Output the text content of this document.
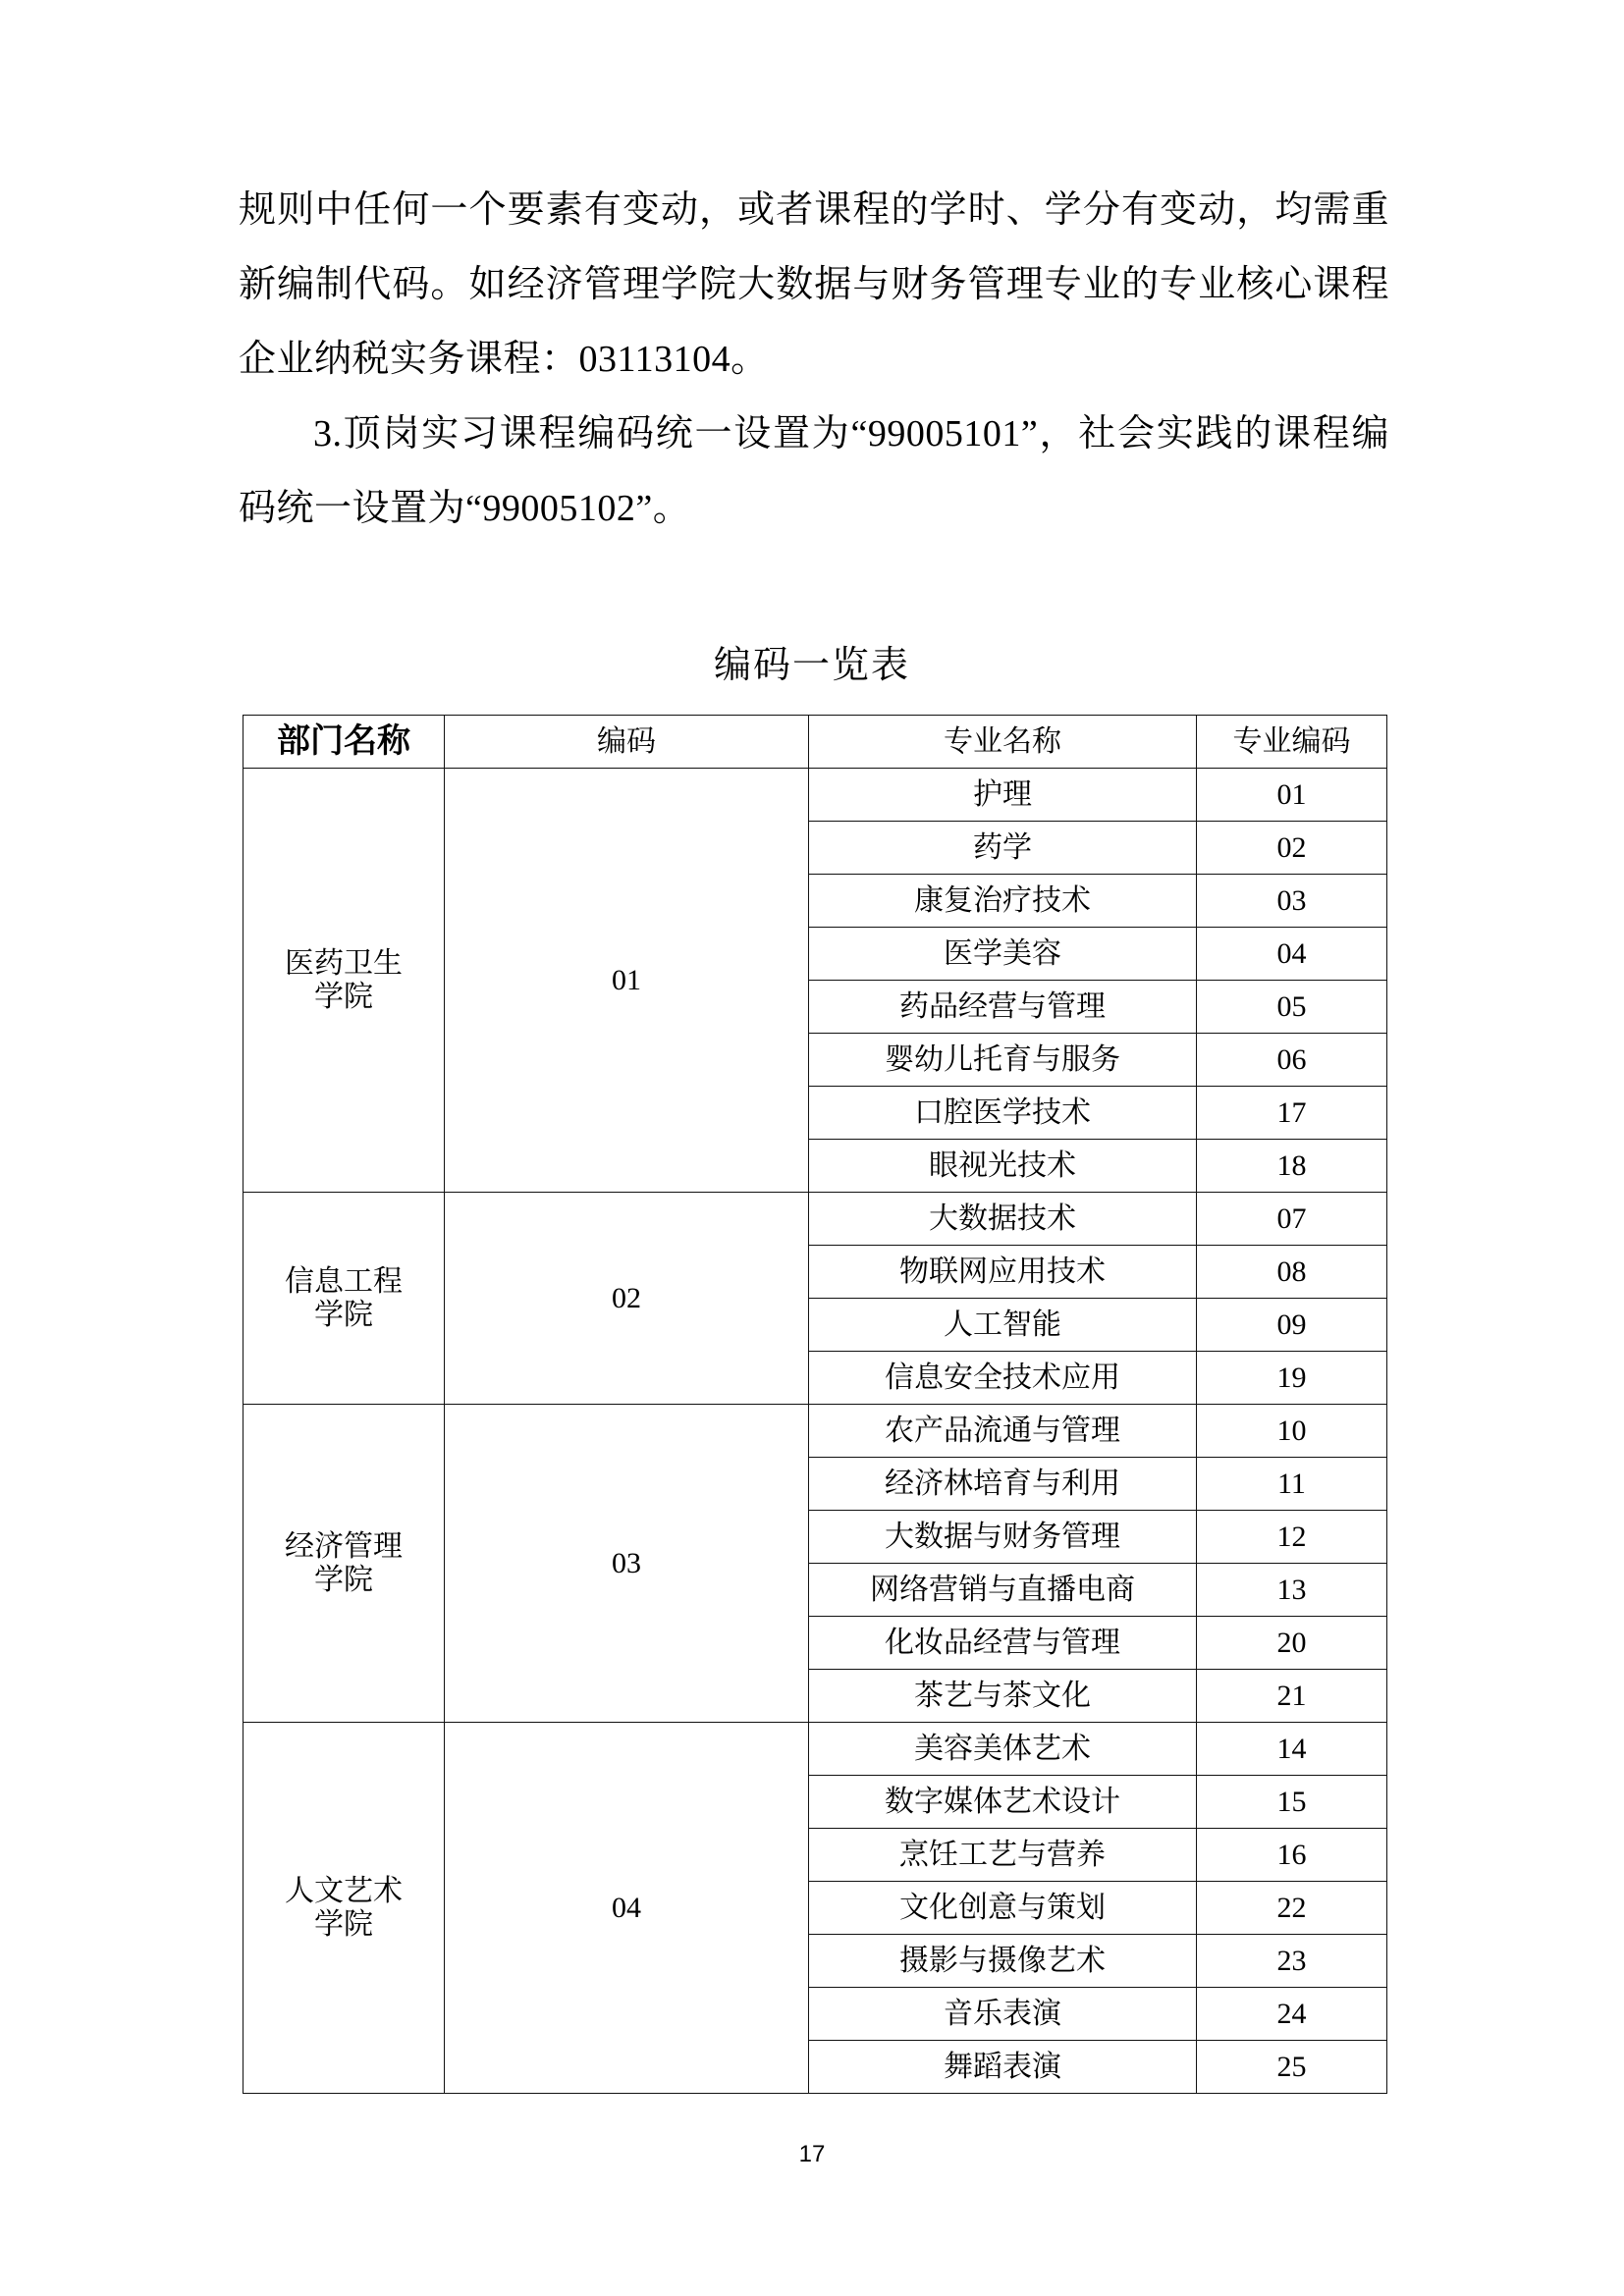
规则中任何一个要素有变动，或者课程的学时、学分有变动，均需重新编制代码。如经济管理学院大数据与财务管理专业的专业核心课程企业纳税实务课程：03113104。

3.顶岗实习课程编码统一设置为“99005101”，社会实践的课程编码统一设置为“99005102”。

编码一览表
部门名称	编码	专业名称	专业编码

医药卫生
学院	01	护理	01
		药学	02
		康复治疗技术	03
		医学美容	04
		药品经营与管理	05
		婴幼儿托育与服务	06
		口腔医学技术	17
		眼视光技术	18

信息工程
学院	02	大数据技术	07
		物联网应用技术	08
		人工智能	09
		信息安全技术应用	19

经济管理
学院	03	农产品流通与管理	10
		经济林培育与利用	11
		大数据与财务管理	12
		网络营销与直播电商	13
		化妆品经营与管理	20
		茶艺与茶文化	21

人文艺术
学院	04	美容美体艺术	14
		数字媒体艺术设计	15
		烹饪工艺与营养	16
		文化创意与策划	22
		摄影与摄像艺术	23
		音乐表演	24
		舞蹈表演	25
17
